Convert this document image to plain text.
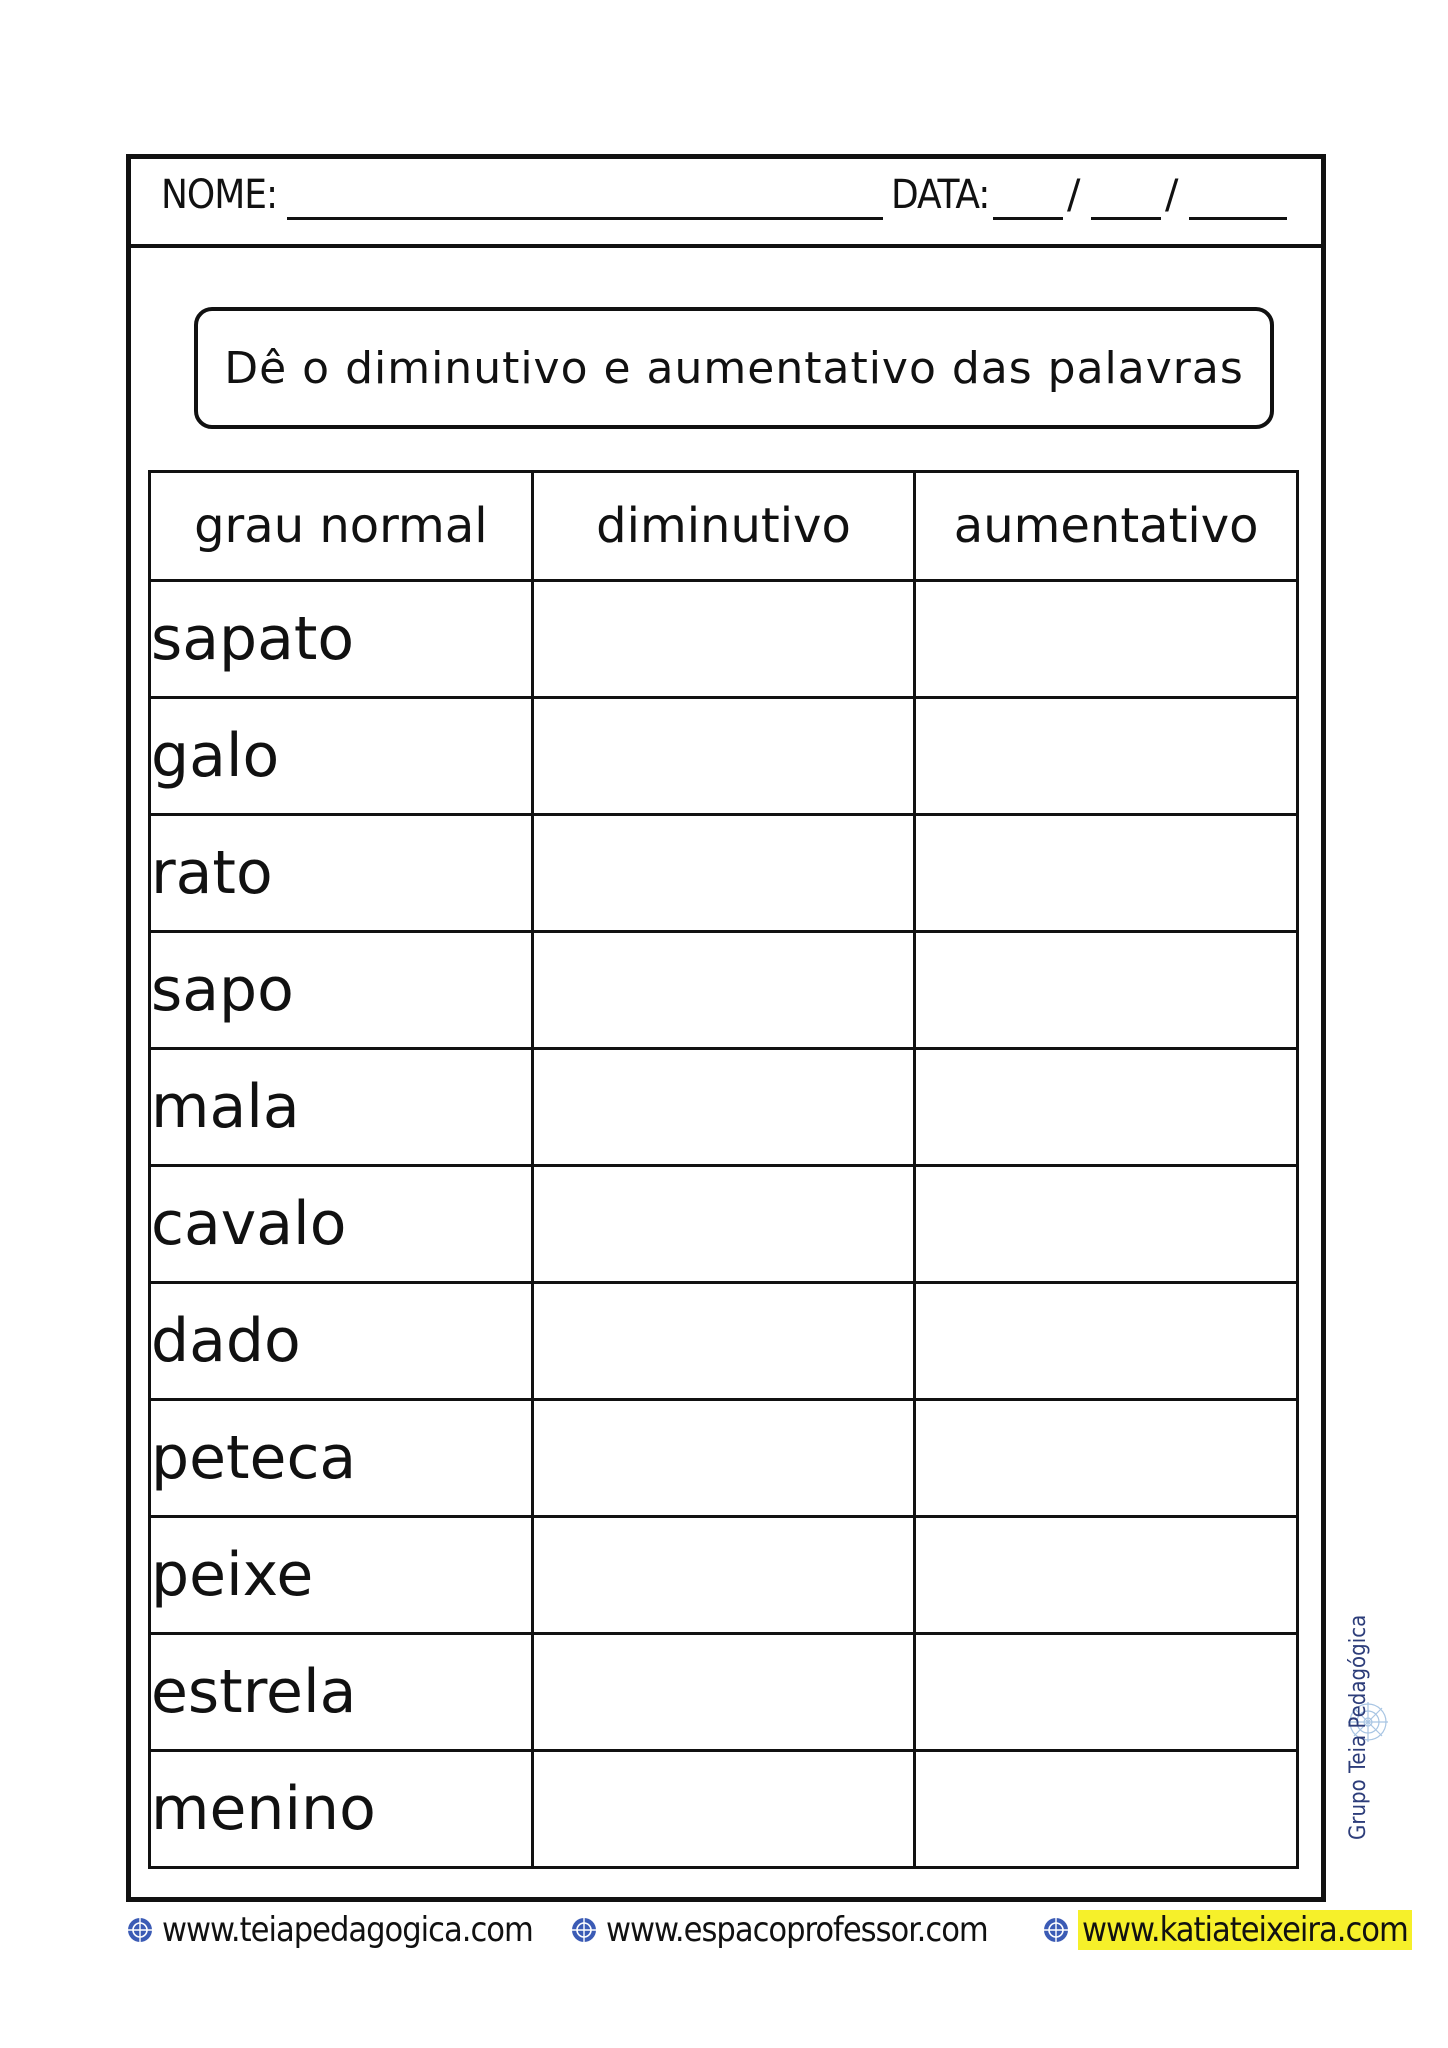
NOME:	DATA: / /
Dê o diminutivo e aumentativo das palavras
grau normal	diminutivo	aumentativo
sapato		
galo		
rato		
sapo		
mala		
cavalo		
dado		
peteca		
peixe		
estrela		
menino			Grupo Teia Pedagógica
www.teiapedagogica.com www.espacoprofessor.com	www.katiateixeira.com
